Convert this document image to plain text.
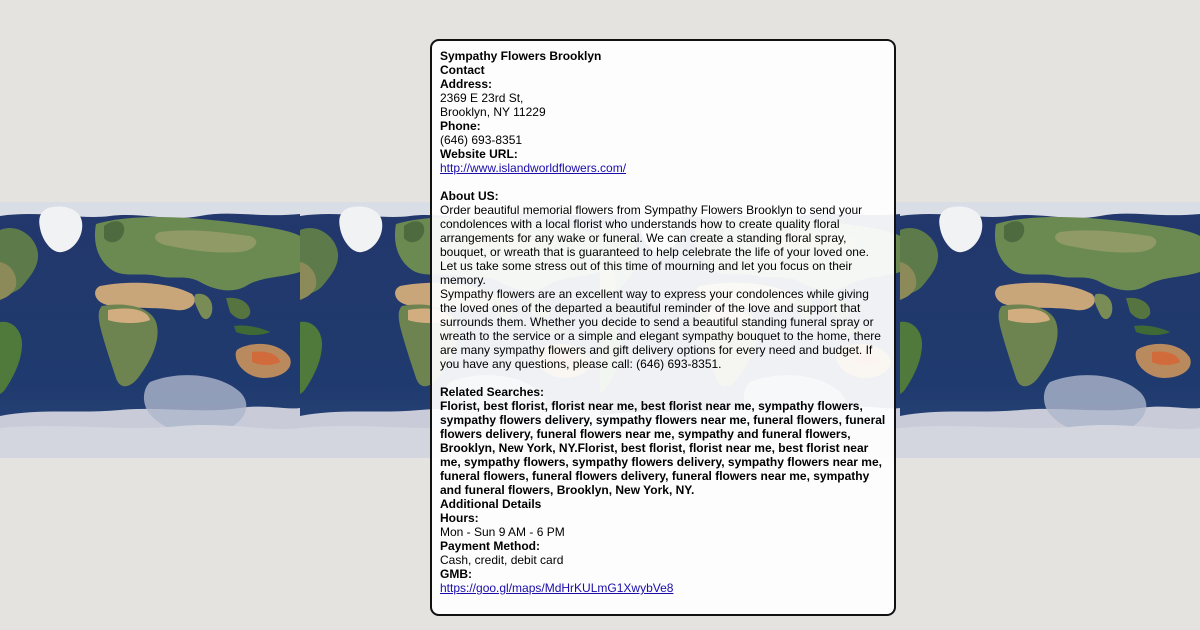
Sympathy Flowers Brooklyn
Contact
Address:
2369 E 23rd St,
Brooklyn, NY 11229
Phone:
(646) 693-8351
Website URL:
http://www.islandworldflowers.com/
About US:
Order beautiful memorial flowers from Sympathy Flowers Brooklyn to send your condolences with a local florist who understands how to create quality floral arrangements for any wake or funeral. We can create a standing floral spray, bouquet, or wreath that is guaranteed to help celebrate the life of your loved one. Let us take some stress out of this time of mourning and let you focus on their memory.
Sympathy flowers are an excellent way to express your condolences while giving the loved ones of the departed a beautiful reminder of the love and support that surrounds them. Whether you decide to send a beautiful standing funeral spray or wreath to the service or a simple and elegant sympathy bouquet to the home, there are many sympathy flowers and gift delivery options for every need and budget. If you have any questions, please call: (646) 693-8351.
Related Searches:
Florist, best florist, florist near me, best florist near me, sympathy flowers, sympathy flowers delivery, sympathy flowers near me, funeral flowers, funeral flowers delivery, funeral flowers near me, sympathy and funeral flowers, Brooklyn, New York, NY.Florist, best florist, florist near me, best florist near me, sympathy flowers, sympathy flowers delivery, sympathy flowers near me, funeral flowers, funeral flowers delivery, funeral flowers near me, sympathy and funeral flowers, Brooklyn, New York, NY.
Additional Details
Hours:
Mon - Sun 9 AM - 6 PM
Payment Method:
Cash, credit, debit card
GMB:
https://goo.gl/maps/MdHrKULmG1XwybVe8
